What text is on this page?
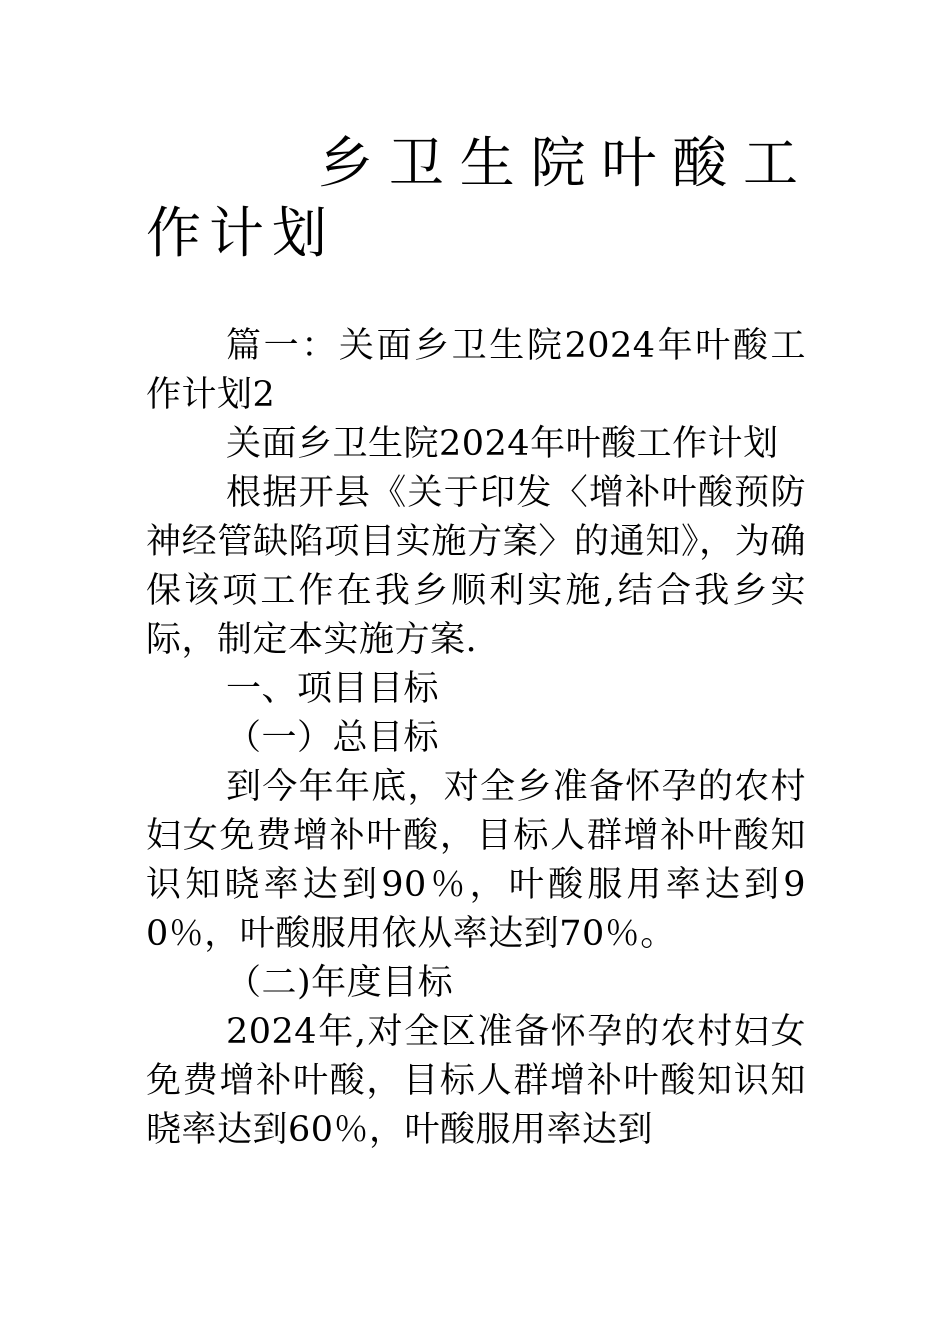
乡卫生院叶酸工作计划

篇一：关面乡卫生院2024年叶酸工作计划2

关面乡卫生院2024年叶酸工作计划

根据开县《关于印发〈增补叶酸预防神经管缺陷项目实施方案〉的通知》，为确保该项工作在我乡顺利实施,结合我乡实际，制定本实施方案.

一、项目目标

（一）总目标

到今年年底，对全乡准备怀孕的农村妇女免费增补叶酸，目标人群增补叶酸知识知晓率达到90％，叶酸服用率达到90％，叶酸服用依从率达到70％。

（二)年度目标

2024年,对全区准备怀孕的农村妇女免费增补叶酸，目标人群增补叶酸知识知晓率达到60％，叶酸服用率达到
